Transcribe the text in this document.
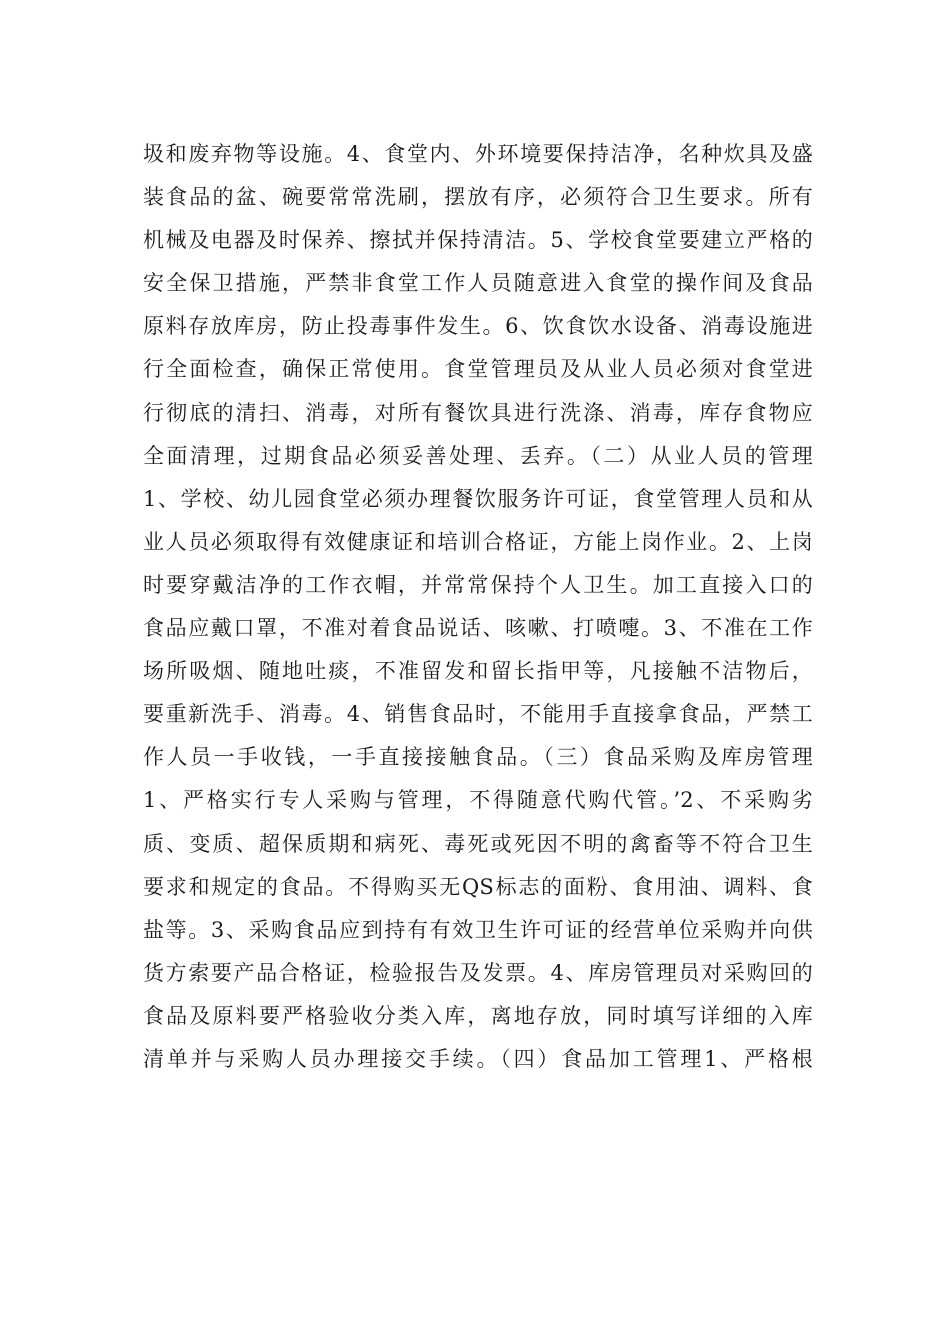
圾和废弃物等设施。4、食堂内、外环境要保持洁净，名种炊具及盛
装食品的盆、碗要常常洗刷，摆放有序，必须符合卫生要求。所有
机械及电器及时保养、擦拭并保持清洁。5、学校食堂要建立严格的
安全保卫措施，严禁非食堂工作人员随意进入食堂的操作间及食品
原料存放库房，防止投毒事件发生。6、饮食饮水设备、消毒设施进
行全面检查，确保正常使用。食堂管理员及从业人员必须对食堂进
行彻底的清扫、消毒，对所有餐饮具进行洗涤、消毒，库存食物应
全面清理，过期食品必须妥善处理、丢弃。（二）从业人员的管理
1、学校、幼儿园食堂必须办理餐饮服务许可证，食堂管理人员和从
业人员必须取得有效健康证和培训合格证，方能上岗作业。2、上岗
时要穿戴洁净的工作衣帽，并常常保持个人卫生。加工直接入口的
食品应戴口罩，不准对着食品说话、咳嗽、打喷嚏。3、不准在工作
场所吸烟、随地吐痰，不准留发和留长指甲等，凡接触不洁物后，
要重新洗手、消毒。4、销售食品时，不能用手直接拿食品，严禁工
作人员一手收钱，一手直接接触食品。（三）食品采购及库房管理
1、严格实行专人采购与管理，不得随意代购代管。’2、不采购劣
质、变质、超保质期和病死、毒死或死因不明的禽畜等不符合卫生
要求和规定的食品。不得购买无QS标志的面粉、食用油、调料、食
盐等。3、采购食品应到持有有效卫生许可证的经营单位采购并向供
货方索要产品合格证，检验报告及发票。4、库房管理员对采购回的
食品及原料要严格验收分类入库，离地存放，同时填写详细的入库
清单并与采购人员办理接交手续。（四）食品加工管理1、严格根
